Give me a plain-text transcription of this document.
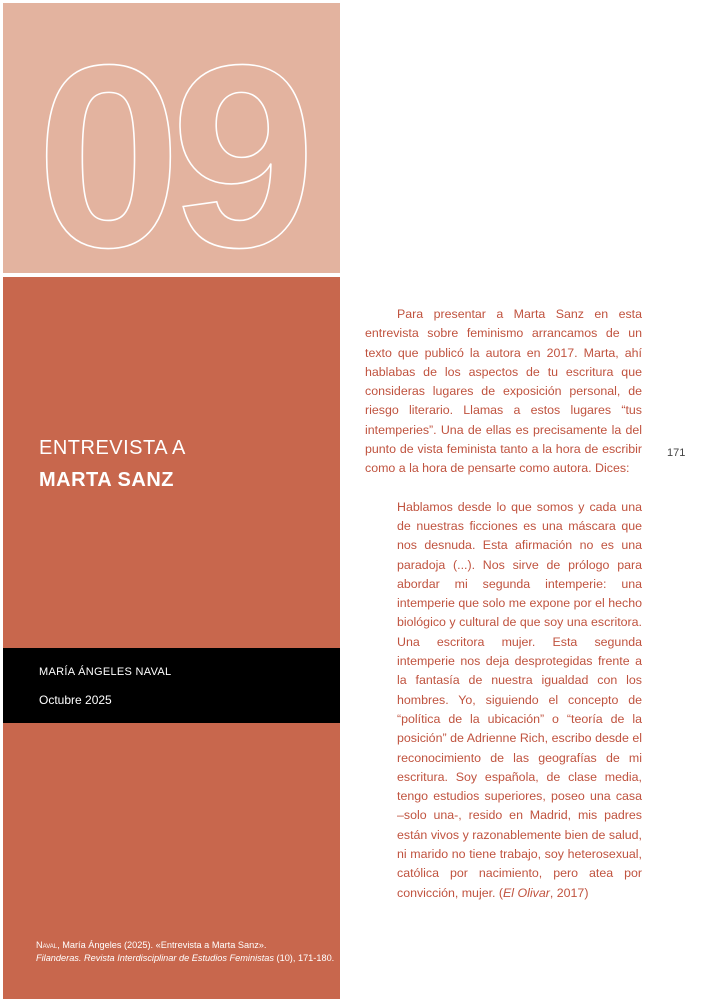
09
ENTREVISTA A
MARTA SANZ
MARÍA ÁNGELES NAVAL
Octubre 2025
Naval, María Ángeles (2025). «Entrevista a Marta Sanz».
Filanderas. Revista Interdisciplinar de Estudios Feministas (10), 171-180.
171

Para presentar a Marta Sanz en esta entrevista sobre feminismo arrancamos de un texto que publicó la autora en 2017. Marta, ahí hablabas de los aspectos de tu escritura que consideras lugares de exposición personal, de riesgo literario. Llamas a estos lugares “tus intemperies”. Una de ellas es precisamente la del punto de vista feminista tanto a la hora de escribir como a la hora de pensarte como autora. Dices:

Hablamos desde lo que somos y cada una de nuestras ficciones es una máscara que nos desnuda. Esta afirmación no es una paradoja (...). Nos sirve de prólogo para abordar mi segunda intemperie: una intemperie que solo me expone por el hecho biológico y cultural de que soy una escritora. Una escritora mujer. Esta segunda intemperie nos deja desprotegidas frente a la fantasía de nuestra igualdad con los hombres. Yo, siguiendo el concepto de “política de la ubicación” o “teoría de la posición” de Adrienne Rich, escribo desde el reconocimiento de las geografías de mi escritura. Soy española, de clase media, tengo estudios superiores, poseo una casa –solo una-, resido en Madrid, mis padres están vivos y razonablemente bien de salud, ni marido no tiene trabajo, soy heterosexual, católica por nacimiento, pero atea por convicción, mujer. (El Olivar, 2017)
